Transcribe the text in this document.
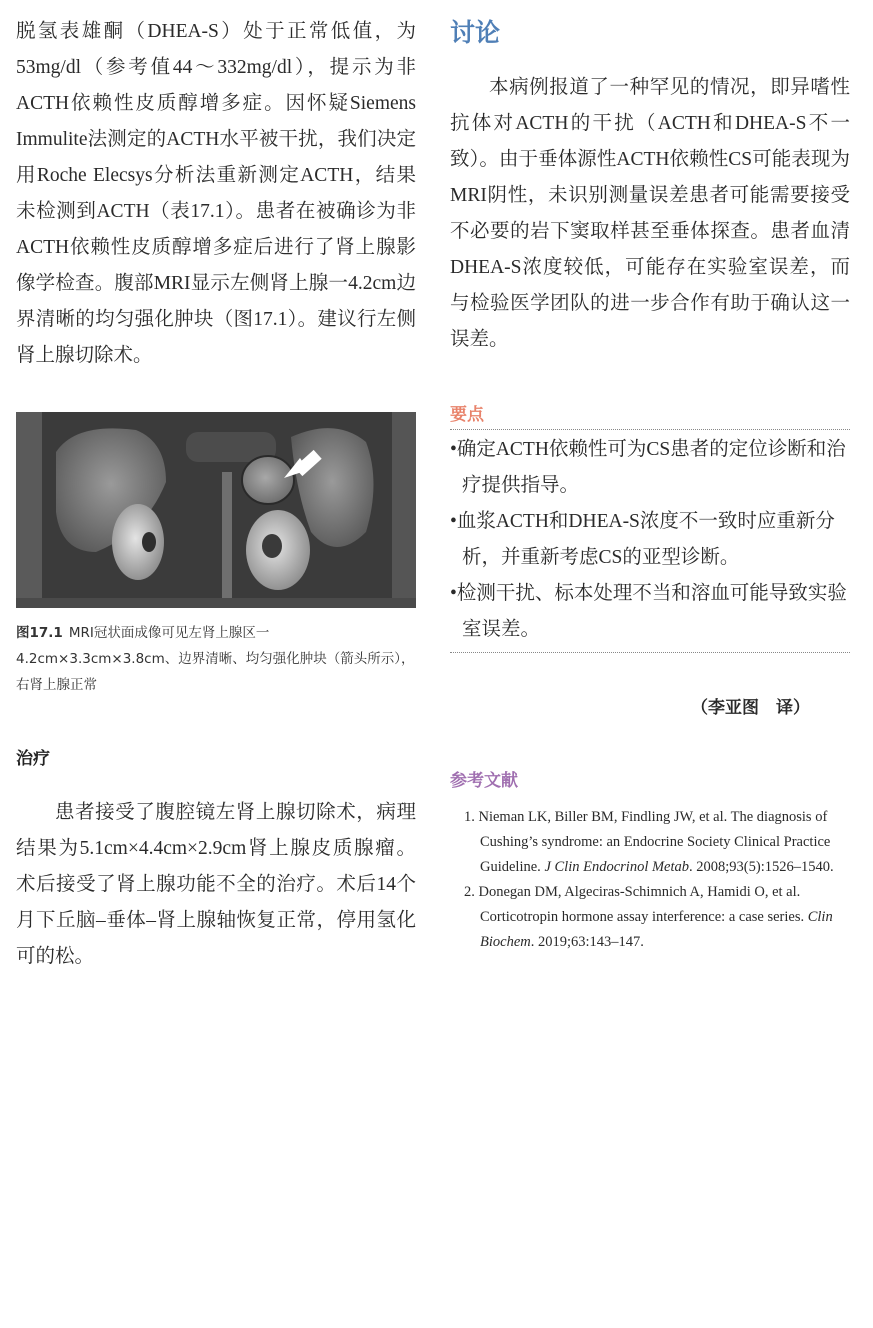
脱氢表雄酮（DHEA-S）处于正常低值，为53mg/dl（参考值44～332mg/dl），提示为非ACTH依赖性皮质醇增多症。因怀疑Siemens Immulite法测定的ACTH水平被干扰，我们决定用Roche Elecsys分析法重新测定ACTH，结果未检测到ACTH（表17.1）。患者在被确诊为非ACTH依赖性皮质醇增多症后进行了肾上腺影像学检查。腹部MRI显示左侧肾上腺一4.2cm边界清晰的均匀强化肿块（图17.1）。建议行左侧肾上腺切除术。

图17.1 MRI冠状面成像可见左肾上腺区一4.2cm×3.3cm×3.8cm、边界清晰、均匀强化肿块（箭头所示），右肾上腺正常

治疗

患者接受了腹腔镜左肾上腺切除术，病理结果为5.1cm×4.4cm×2.9cm肾上腺皮质腺瘤。术后接受了肾上腺功能不全的治疗。术后14个月下丘脑–垂体–肾上腺轴恢复正常，停用氢化可的松。

讨论

本病例报道了一种罕见的情况，即异嗜性抗体对ACTH的干扰（ACTH和DHEA-S不一致）。由于垂体源性ACTH依赖性CS可能表现为MRI阴性，未识别测量误差患者可能需要接受不必要的岩下窦取样甚至垂体探查。患者血清DHEA-S浓度较低，可能存在实验室误差，而与检验医学团队的进一步合作有助于确认这一误差。

要点

•确定ACTH依赖性可为CS患者的定位诊断和治疗提供指导。
•血浆ACTH和DHEA-S浓度不一致时应重新分析，并重新考虑CS的亚型诊断。
•检测干扰、标本处理不当和溶血可能导致实验室误差。
（李亚图　译）

参考文献

1. Nieman LK, Biller BM, Findling JW, et al. The diagnosis of Cushing’s syndrome: an Endocrine Society Clinical Practice Guideline. J Clin Endocrinol Metab. 2008;93(5):1526–1540.
2. Donegan DM, Algeciras-Schimnich A, Hamidi O, et al. Corticotropin hormone assay interference: a case series. Clin Biochem. 2019;63:143–147.
